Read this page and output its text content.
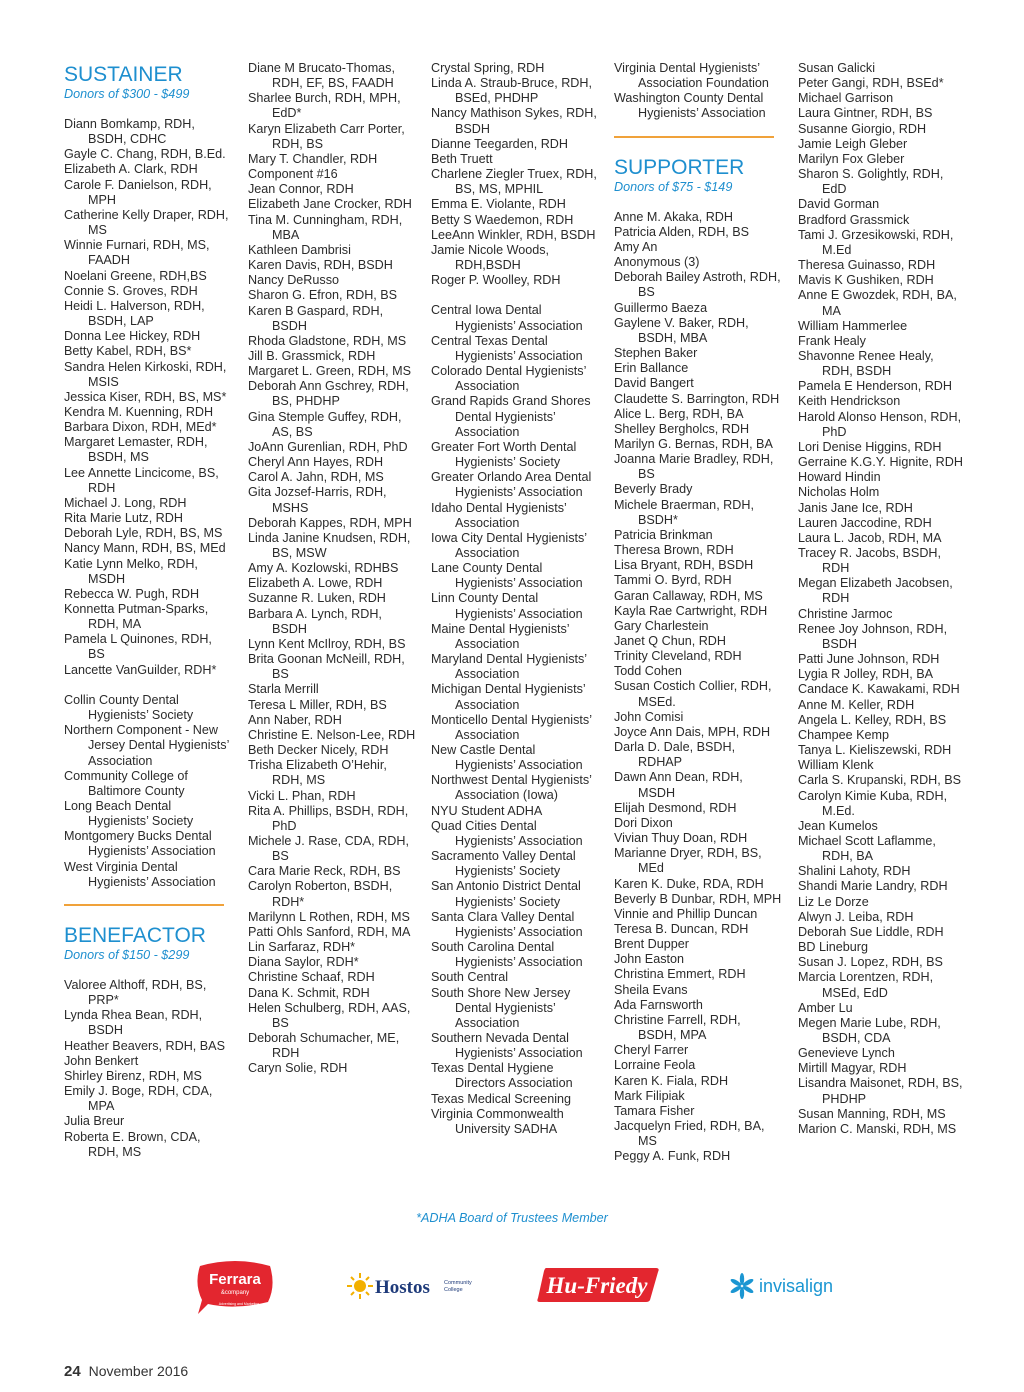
SUSTAINER
Donors of $300 - $499
Diann Bomkamp, RDH, BSDH, CDHC
Gayle C. Chang, RDH, B.Ed.
Elizabeth A. Clark, RDH
Carole F. Danielson, RDH, MPH
Catherine Kelly Draper, RDH, MS
Winnie Furnari, RDH, MS, FAADH
Noelani Greene, RDH,BS
Connie S. Groves, RDH
Heidi L. Halverson, RDH, BSDH, LAP
Donna Lee Hickey, RDH
Betty Kabel, RDH, BS*
Sandra Helen Kirkoski, RDH, MSIS
Jessica Kiser, RDH, BS, MS*
Kendra M. Kuenning, RDH
Barbara Dixon, RDH, MEd*
Margaret Lemaster, RDH, BSDH, MS
Lee Annette Lincicome, BS, RDH
Michael J. Long, RDH
Rita Marie Lutz, RDH
Deborah Lyle, RDH, BS, MS
Nancy Mann, RDH, BS, MEd
Katie Lynn Melko, RDH, MSDH
Rebecca W. Pugh, RDH
Konnetta Putman-Sparks, RDH, MA
Pamela L Quinones, RDH, BS
Lancette VanGuilder, RDH*
Collin County Dental Hygienists’ Society
Northern Component - New Jersey Dental Hygienists’ Association
Community College of Baltimore County
Long Beach Dental Hygienists’ Society
Montgomery Bucks Dental Hygienists’ Association
West Virginia Dental Hygienists’ Association
BENEFACTOR
Donors of $150 - $299
Valoree Althoff, RDH, BS, PRP*
Lynda Rhea Bean, RDH, BSDH
Heather Beavers, RDH, BAS
John Benkert
Shirley Birenz, RDH, MS
Emily J. Boge, RDH, CDA, MPA
Julia Breur
Roberta E. Brown, CDA, RDH, MS
Diane M Brucato-Thomas, RDH, EF, BS, FAADH
Sharlee Burch, RDH, MPH, EdD*
Karyn Elizabeth Carr Porter, RDH, BS
Mary T. Chandler, RDH
Component #16
Jean Connor, RDH
Elizabeth Jane Crocker, RDH
Tina M. Cunningham, RDH, MBA
Kathleen Dambrisi
Karen Davis, RDH, BSDH
Nancy DeRusso
Sharon G. Efron, RDH, BS
Karen B Gaspard, RDH, BSDH
Rhoda Gladstone, RDH, MS
Jill B. Grassmick, RDH
Margaret L. Green, RDH, MS
Deborah Ann Gschrey, RDH, BS, PHDHP
Gina Stemple Guffey, RDH, AS, BS
JoAnn Gurenlian, RDH, PhD
Cheryl Ann Hayes, RDH
Carol A. Jahn, RDH, MS
Gita Jozsef-Harris, RDH, MSHS
Deborah Kappes, RDH, MPH
Linda Janine Knudsen, RDH, BS, MSW
Amy A. Kozlowski, RDHBS
Elizabeth A. Lowe, RDH
Suzanne R. Luken, RDH
Barbara A. Lynch, RDH, BSDH
Lynn Kent McIlroy, RDH, BS
Brita Goonan McNeill, RDH, BS
Starla Merrill
Teresa L Miller, RDH, BS
Ann Naber, RDH
Christine E. Nelson-Lee, RDH
Beth Decker Nicely, RDH
Trisha Elizabeth O’Hehir, RDH, MS
Vicki L. Phan, RDH
Rita A. Phillips, BSDH, RDH, PhD
Michele J. Rase, CDA, RDH, BS
Cara Marie Reck, RDH, BS
Carolyn Roberton, BSDH, RDH*
Marilynn L Rothen, RDH, MS
Patti Ohls Sanford, RDH, MA
Lin Sarfaraz, RDH*
Diana Saylor, RDH*
Christine Schaaf, RDH
Dana K. Schmit, RDH
Helen Schulberg, RDH, AAS, BS
Deborah Schumacher, ME, RDH
Caryn Solie, RDH
Crystal Spring, RDH
Linda A. Straub-Bruce, RDH, BSEd, PHDHP
Nancy Mathison Sykes, RDH, BSDH
Dianne Teegarden, RDH
Beth Truett
Charlene Ziegler Truex, RDH, BS, MS, MPHIL
Emma E. Violante, RDH
Betty S Waedemon, RDH
LeeAnn Winkler, RDH, BSDH
Jamie Nicole Woods, RDH,BSDH
Roger P. Woolley, RDH
Central Iowa Dental Hygienists’ Association
Central Texas Dental Hygienists’ Association
Colorado Dental Hygienists’ Association
Grand Rapids Grand Shores Dental Hygienists’ Association
Greater Fort Worth Dental Hygienists’ Society
Greater Orlando Area Dental Hygienists’ Association
Idaho Dental Hygienists’ Association
Iowa City Dental Hygienists’ Association
Lane County Dental Hygienists’ Association
Linn County Dental Hygienists’ Association
Maine Dental Hygienists’ Association
Maryland Dental Hygienists’ Association
Michigan Dental Hygienists’ Association
Monticello Dental Hygienists’ Association
New Castle Dental Hygienists’ Association
Northwest Dental Hygienists’ Association (Iowa)
NYU Student ADHA
Quad Cities Dental Hygienists’ Association
Sacramento Valley Dental Hygienists’ Society
San Antonio District Dental Hygienists’ Society
Santa Clara Valley Dental Hygienists’ Association
South Carolina Dental Hygienists’ Association
South Central
South Shore New Jersey Dental Hygienists’ Association
Southern Nevada Dental Hygienists’ Association
Texas Dental Hygiene Directors Association
Texas Medical Screening
Virginia Commonwealth University SADHA
Virginia Dental Hygienists’ Association Foundation
Washington County Dental Hygienists’ Association
SUPPORTER
Donors of $75 - $149
Anne M. Akaka, RDH
Patricia Alden, RDH, BS
Amy An
Anonymous (3)
Deborah Bailey Astroth, RDH, BS
Guillermo Baeza
Gaylene V. Baker, RDH, BSDH, MBA
Stephen Baker
Erin Ballance
David Bangert
Claudette S. Barrington, RDH
Alice L. Berg, RDH, BA
Shelley Bergholcs, RDH
Marilyn G. Bernas, RDH, BA
Joanna Marie Bradley, RDH, BS
Beverly Brady
Michele Braerman, RDH, BSDH*
Patricia Brinkman
Theresa Brown, RDH
Lisa Bryant, RDH, BSDH
Tammi O. Byrd, RDH
Garan Callaway, RDH, MS
Kayla Rae Cartwright, RDH
Gary Charlestein
Janet Q Chun, RDH
Trinity Cleveland, RDH
Todd Cohen
Susan Costich Collier, RDH, MSEd.
John Comisi
Joyce Ann Dais, MPH, RDH
Darla D. Dale, BSDH, RDHAP
Dawn Ann Dean, RDH, MSDH
Elijah Desmond, RDH
Dori Dixon
Vivian Thuy Doan, RDH
Marianne Dryer, RDH, BS, MEd
Karen K. Duke, RDA, RDH
Beverly B Dunbar, RDH, MPH
Vinnie and Phillip Duncan
Teresa B. Duncan, RDH
Brent Dupper
John Easton
Christina Emmert, RDH
Sheila Evans
Ada Farnsworth
Christine Farrell, RDH, BSDH, MPA
Cheryl Farrer
Lorraine Feola
Karen K. Fiala, RDH
Mark Filipiak
Tamara Fisher
Jacquelyn Fried, RDH, BA, MS
Peggy A. Funk, RDH
Susan Galicki
Peter Gangi, RDH, BSEd*
Michael Garrison
Laura Gintner, RDH, BS
Susanne Giorgio, RDH
Jamie Leigh Gleber
Marilyn Fox Gleber
Sharon S. Golightly, RDH, EdD
David Gorman
Bradford Grassmick
Tami J. Grzesikowski, RDH, M.Ed
Theresa Guinasso, RDH
Mavis K Gushiken, RDH
Anne E Gwozdek, RDH, BA, MA
William Hammerlee
Frank Healy
Shavonne Renee Healy, RDH, BSDH
Pamela E Henderson, RDH
Keith Hendrickson
Harold Alonso Henson, RDH, PhD
Lori Denise Higgins, RDH
Gerraine K.G.Y. Hignite, RDH
Howard Hindin
Nicholas Holm
Janis Jane Ice, RDH
Lauren Jaccodine, RDH
Laura L. Jacob, RDH, MA
Tracey R. Jacobs, BSDH, RDH
Megan Elizabeth Jacobsen, RDH
Christine Jarmoc
Renee Joy Johnson, RDH, BSDH
Patti June Johnson, RDH
Lygia R Jolley, RDH, BA
Candace K. Kawakami, RDH
Anne M. Keller, RDH
Angela L. Kelley, RDH, BS
Champee Kemp
Tanya L. Kieliszewski, RDH
William Klenk
Carla S. Krupanski, RDH, BS
Carolyn Kimie Kuba, RDH, M.Ed.
Jean Kumelos
Michael Scott Laflamme, RDH, BA
Shalini Lahoty, RDH
Shandi Marie Landry, RDH
Liz Le Dorze
Alwyn J. Leiba, RDH
Deborah Sue Liddle, RDH
BD Lineburg
Susan J. Lopez, RDH, BS
Marcia Lorentzen, RDH, MSEd, EdD
Amber Lu
Megen Marie Lube, RDH, BSDH, CDA
Genevieve Lynch
Mirtill Magyar, RDH
Lisandra Maisonet, RDH, BS, PHDHP
Susan Manning, RDH, MS
Marion C. Manski, RDH, MS
*ADHA Board of Trustees Member
Ferrara
&company
Advertising and Marketing
Hostos	Community
College	Hu-Friedy	invisalign
24 November 2016
